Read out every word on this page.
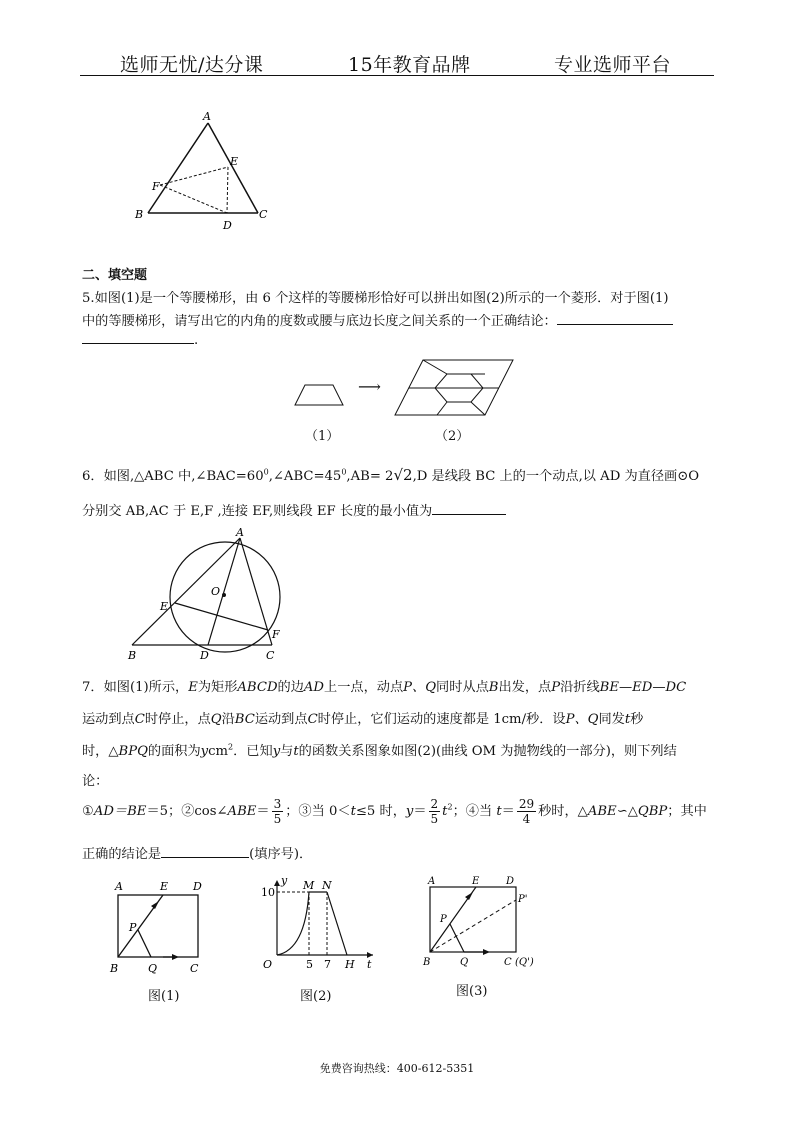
选师无忧/达分课	15年教育品牌	专业选师平台
A
E
F
B
D
C
二、填空题
5.如图(1)是一个等腰梯形，由 6 个这样的等腰梯形恰好可以拼出如图(2)所示的一个菱形．对于图(1)
中的等腰梯形，请写出它的内角的度数或腰与底边长度之间关系的一个正确结论：
.
⟶
（1）	（2）
6．如图,△ABC 中$,\angle BAC=60^0,\angle ABC=45^0,AB= 2√2,D$ 是线段 BC 上的一个动点,以 AD 为直径画⊙O
分别交 AB,AC 于 E,F ,连接 EF,则线段 EF 长度的最小值为
A
O
E
F
B	D	C
7．如图(1)所示，E为矩形ABCD的边AD上一点，动点P、Q同时从点B出发，点P沿折线BE—ED—DC
运动到点C时停止，点Q沿BC运动到点C时停止，它们运动的速度都是 1cm/秒．设P、Q同发t秒
时，△BPQ的面积为ycm$^2$．已知y与t的函数关系图象如图(2)(曲线 OM 为抛物线的一部分)，则下列结
论：
①AD＝BE＝5；②cos∠ABE＝ $\frac{3}{5}$ ；③当 0＜t≤5 时，$y= \frac{2}{5} t^2$；④当 $t= \frac{29}{4}$ 秒时，△ABE∽△QBP；其中
正确的结论是	(填序号)．
A	E D
P
B	Q	C
图(1)
y
10
M N
O	5 7 H t
图(2)
A	E	D
P
P'
B	Q	C (Q')
图(3)
免费咨询热线：400-612-5351
